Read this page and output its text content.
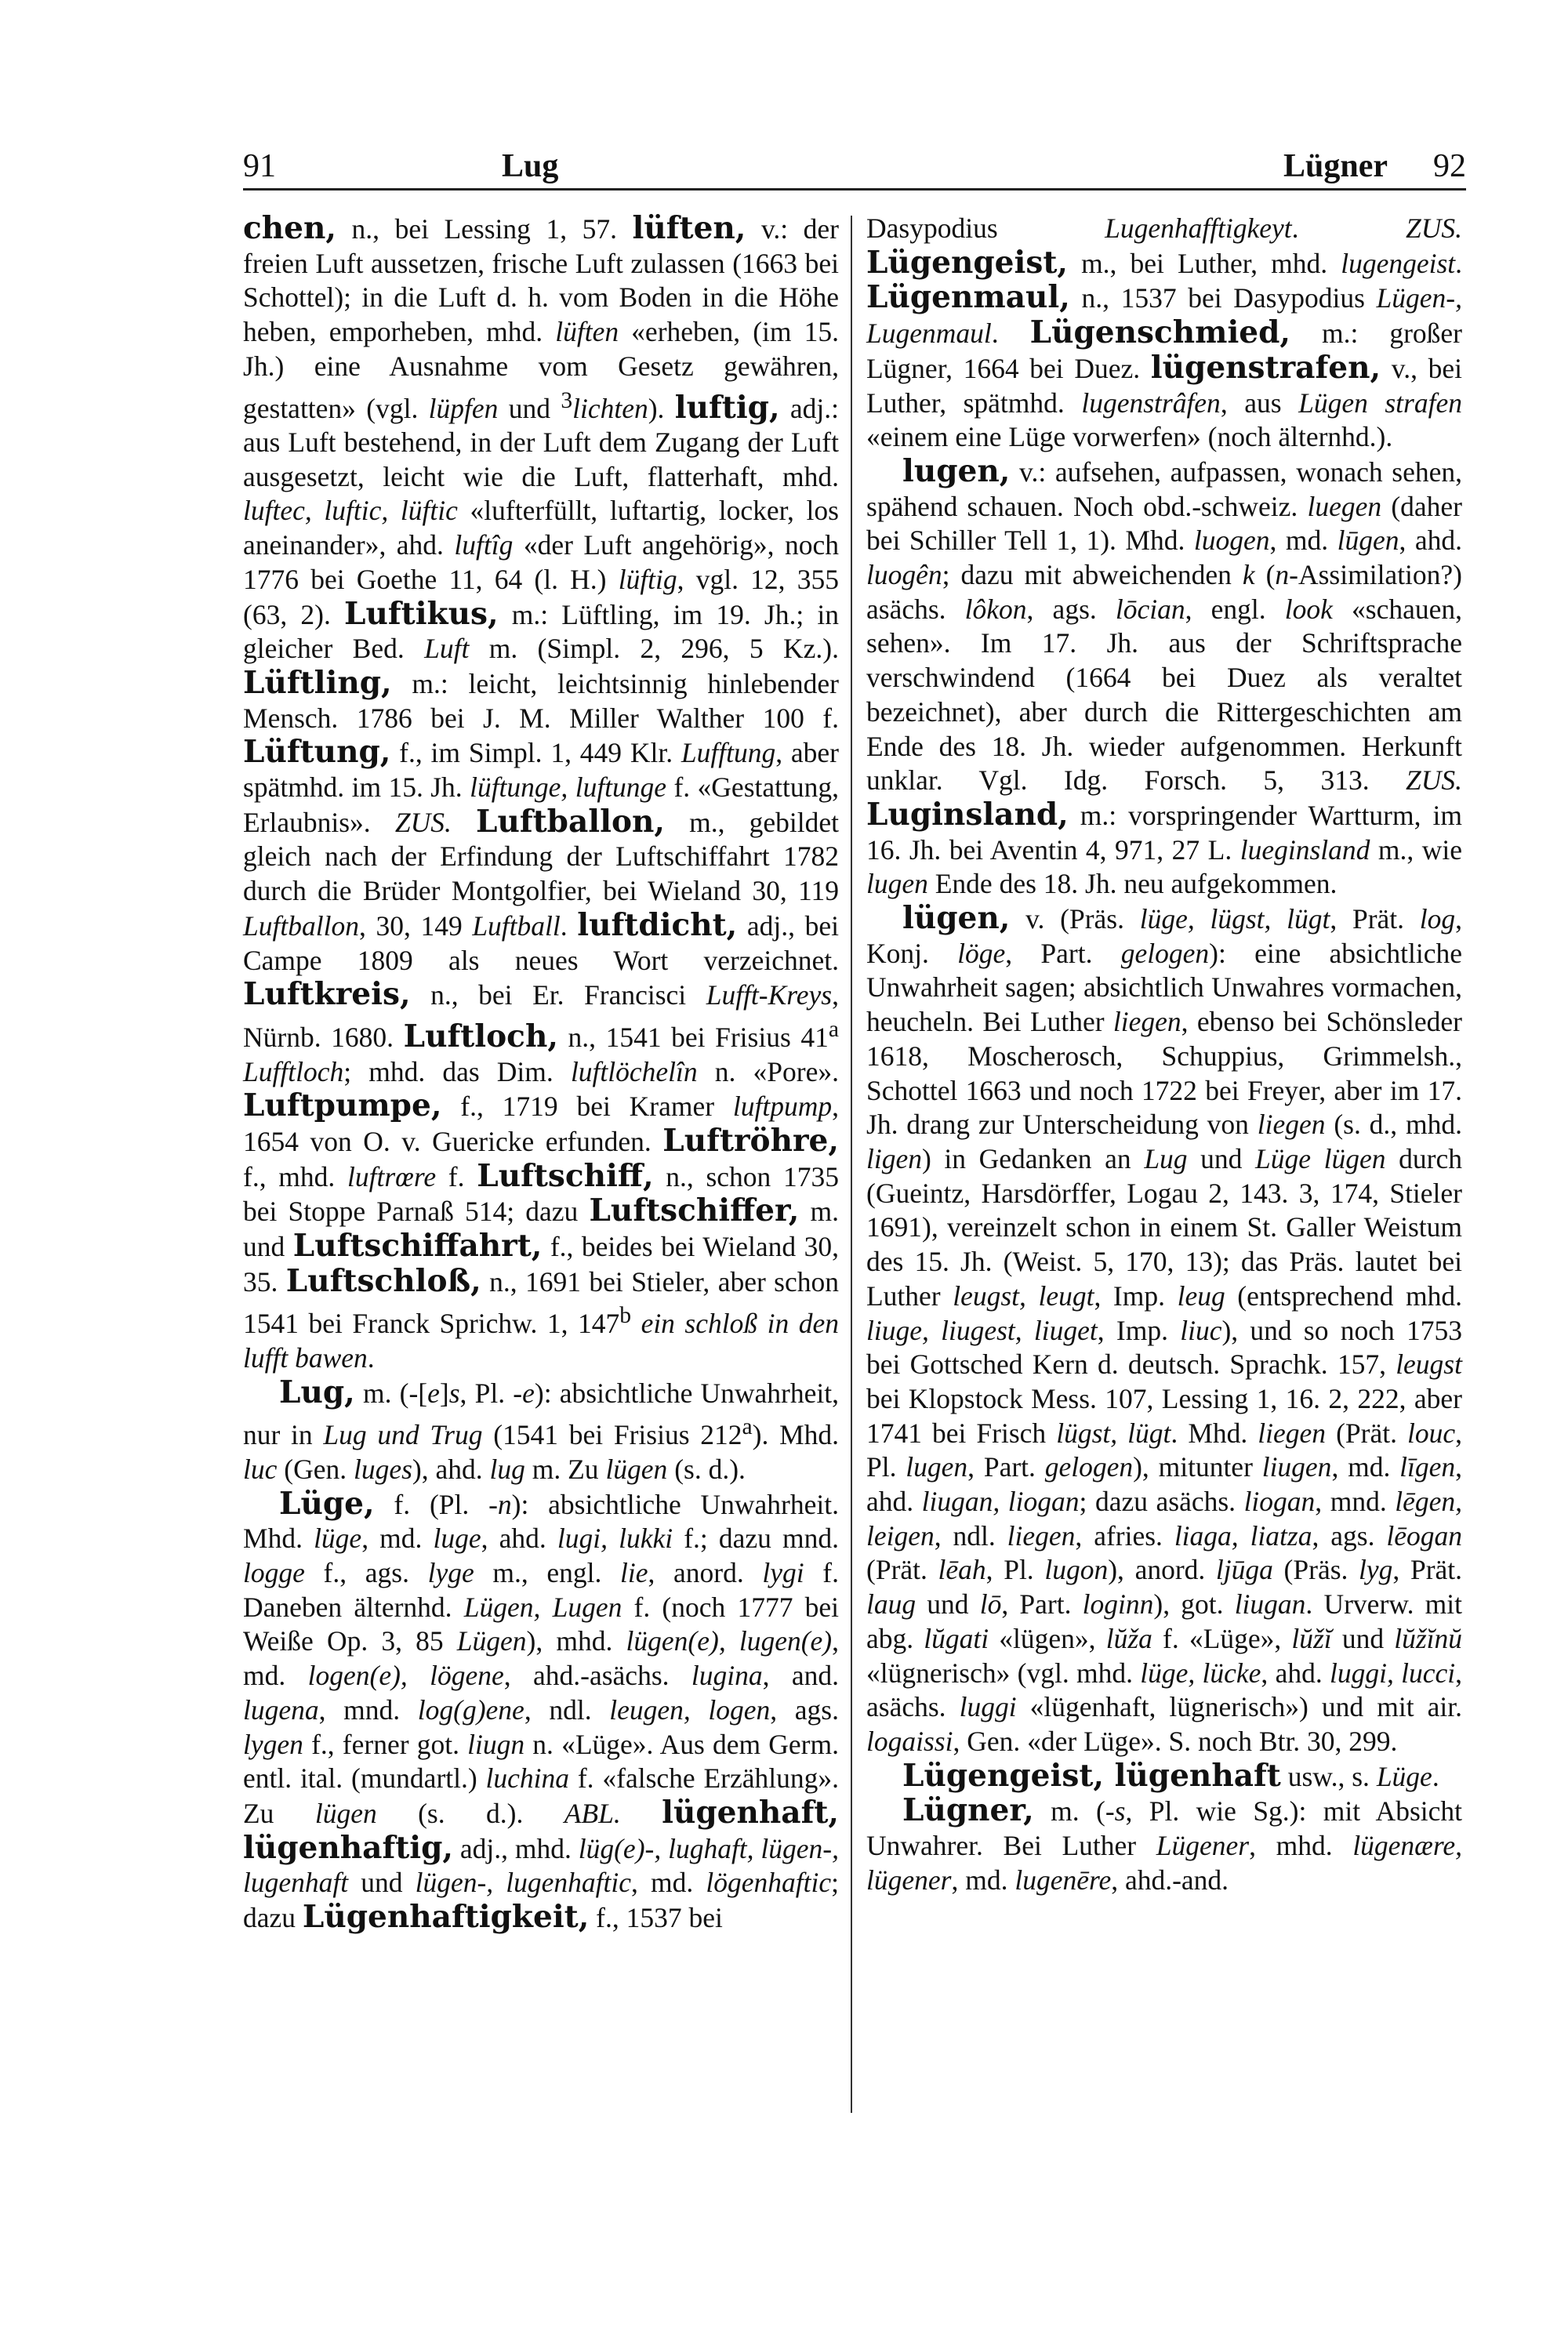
91	Lug	Lügner 92

chen, n., bei Lessing 1, 57. lüften, v.: der freien Luft aussetzen, frische Luft zulassen (1663 bei Schottel); in die Luft d. h. vom Boden in die Höhe heben, emporheben, mhd. lüften «erheben, (im 15. Jh.) eine Ausnahme vom Gesetz gewähren, gestatten» (vgl. lüpfen und $^3$lichten). luftig, adj.: aus Luft bestehend, in der Luft dem Zugang der Luft ausgesetzt, leicht wie die Luft, flatterhaft, mhd. luftec, luftic, lüftic «lufterfüllt, luftartig, locker, los aneinander», ahd. luftîg «der Luft angehörig», noch 1776 bei Goethe 11, 64 (l. H.) lüftig, vgl. 12, 355 (63, 2). Luftikus, m.: Lüftling, im 19. Jh.; in gleicher Bed. Luft m. (Simpl. 2, 296, 5 Kz.). Lüftling, m.: leicht, leichtsinnig hinlebender Mensch. 1786 bei J. M. Miller Walther 100 f. Lüftung, f., im Simpl. 1, 449 Klr. Lufftung, aber spätmhd. im 15. Jh. lüftunge, luftunge f. «Gestattung, Erlaubnis». ZUS. Luftballon, m., gebildet gleich nach der Erfindung der Luftschiffahrt 1782 durch die Brüder Montgolfier, bei Wieland 30, 119 Luftballon, 30, 149 Luftball. luftdicht, adj., bei Campe 1809 als neues Wort verzeichnet. Luftkreis, n., bei Er. Francisci Lufft-Kreys, Nürnb. 1680. Luftloch, n., 1541 bei Frisius 41$^a$ Lufftloch; mhd. das Dim. luftlöchelîn n. «Pore». Luftpumpe, f., 1719 bei Kramer luftpump, 1654 von O. v. Guericke erfunden. Luftröhre, f., mhd. luftrœre f. Luftschiff, n., schon 1735 bei Stoppe Parnaß 514; dazu Luftschiffer, m. und Luftschiffahrt, f., beides bei Wieland 30, 35. Luftschloß, n., 1691 bei Stieler, aber schon 1541 bei Franck Sprichw. 1, 147$^b$ ein schloß in den lufft bawen.

Lug, m. (-[e]s, Pl. -e): absichtliche Unwahrheit, nur in Lug und Trug (1541 bei Frisius 212$^a$). Mhd. luc (Gen. luges), ahd. lug m. Zu lügen (s. d.).

Lüge, f. (Pl. -n): absichtliche Unwahrheit. Mhd. lüge, md. luge, ahd. lugi, lukki f.; dazu mnd. logge f., ags. lyge m., engl. lie, anord. lygi f. Daneben älternhd. Lügen, Lugen f. (noch 1777 bei Weiße Op. 3, 85 Lügen), mhd. lügen(e), lugen(e), md. logen(e), lögene, ahd.-asächs. lugina, and. lugena, mnd. log(g)ene, ndl. leugen, logen, ags. lygen f., ferner got. liugn n. «Lüge». Aus dem Germ. entl. ital. (mundartl.) luchina f. «falsche Erzählung». Zu lügen (s. d.). ABL. lügenhaft, lügenhaftig, adj., mhd. lüg(e)-, lughaft, lügen-, lugenhaft und lügen-, lugenhaftic, md. lögenhaftic; dazu Lügenhaftigkeit, f., 1537 bei

Dasypodius Lugenhafftigkeyt. ZUS. Lügengeist, m., bei Luther, mhd. lugengeist. Lügenmaul, n., 1537 bei Dasypodius Lügen-, Lugenmaul. Lügenschmied, m.: großer Lügner, 1664 bei Duez. lügenstrafen, v., bei Luther, spätmhd. lugenstrâfen, aus Lügen strafen «einem eine Lüge vorwerfen» (noch älternhd.).

lugen, v.: aufsehen, aufpassen, wonach sehen, spähend schauen. Noch obd.-schweiz. luegen (daher bei Schiller Tell 1, 1). Mhd. luogen, md. lūgen, ahd. luogên; dazu mit abweichenden k (n-Assimilation?) asächs. lôkon, ags. lōcian, engl. look «schauen, sehen». Im 17. Jh. aus der Schriftsprache verschwindend (1664 bei Duez als veraltet bezeichnet), aber durch die Rittergeschichten am Ende des 18. Jh. wieder aufgenommen. Herkunft unklar. Vgl. Idg. Forsch. 5, 313. ZUS. Luginsland, m.: vorspringender Wartturm, im 16. Jh. bei Aventin 4, 971, 27 L. lueginsland m., wie lugen Ende des 18. Jh. neu aufgekommen.

lügen, v. (Präs. lüge, lügst, lügt, Prät. log, Konj. löge, Part. gelogen): eine absichtliche Unwahrheit sagen; absichtlich Unwahres vormachen, heucheln. Bei Luther liegen, ebenso bei Schönsleder 1618, Moscherosch, Schuppius, Grimmelsh., Schottel 1663 und noch 1722 bei Freyer, aber im 17. Jh. drang zur Unterscheidung von liegen (s. d., mhd. ligen) in Gedanken an Lug und Lüge lügen durch (Gueintz, Harsdörffer, Logau 2, 143. 3, 174, Stieler 1691), vereinzelt schon in einem St. Galler Weistum des 15. Jh. (Weist. 5, 170, 13); das Präs. lautet bei Luther leugst, leugt, Imp. leug (entsprechend mhd. liuge, liugest, liuget, Imp. liuc), und so noch 1753 bei Gottsched Kern d. deutsch. Sprachk. 157, leugst bei Klopstock Mess. 107, Lessing 1, 16. 2, 222, aber 1741 bei Frisch lügst, lügt. Mhd. liegen (Prät. louc, Pl. lugen, Part. gelogen), mitunter liugen, md. līgen, ahd. liugan, liogan; dazu asächs. liogan, mnd. lēgen, leigen, ndl. liegen, afries. liaga, liatza, ags. lēogan (Prät. lēah, Pl. lugon), anord. ljūga (Präs. lyg, Prät. laug und lō, Part. loginn), got. liugan. Urverw. mit abg. lŭgati «lügen», lŭža f. «Lüge», lŭžĭ und lŭžĭnŭ «lügnerisch» (vgl. mhd. lüge, lücke, ahd. luggi, lucci, asächs. luggi «lügenhaft, lügnerisch») und mit air. logaissi, Gen. «der Lüge». S. noch Btr. 30, 299.

Lügengeist, lügenhaft usw., s. Lüge.

Lügner, m. (-s, Pl. wie Sg.): mit Absicht Unwahrer. Bei Luther Lügener, mhd. lügenære, lügener, md. lugenēre, ahd.-and.
